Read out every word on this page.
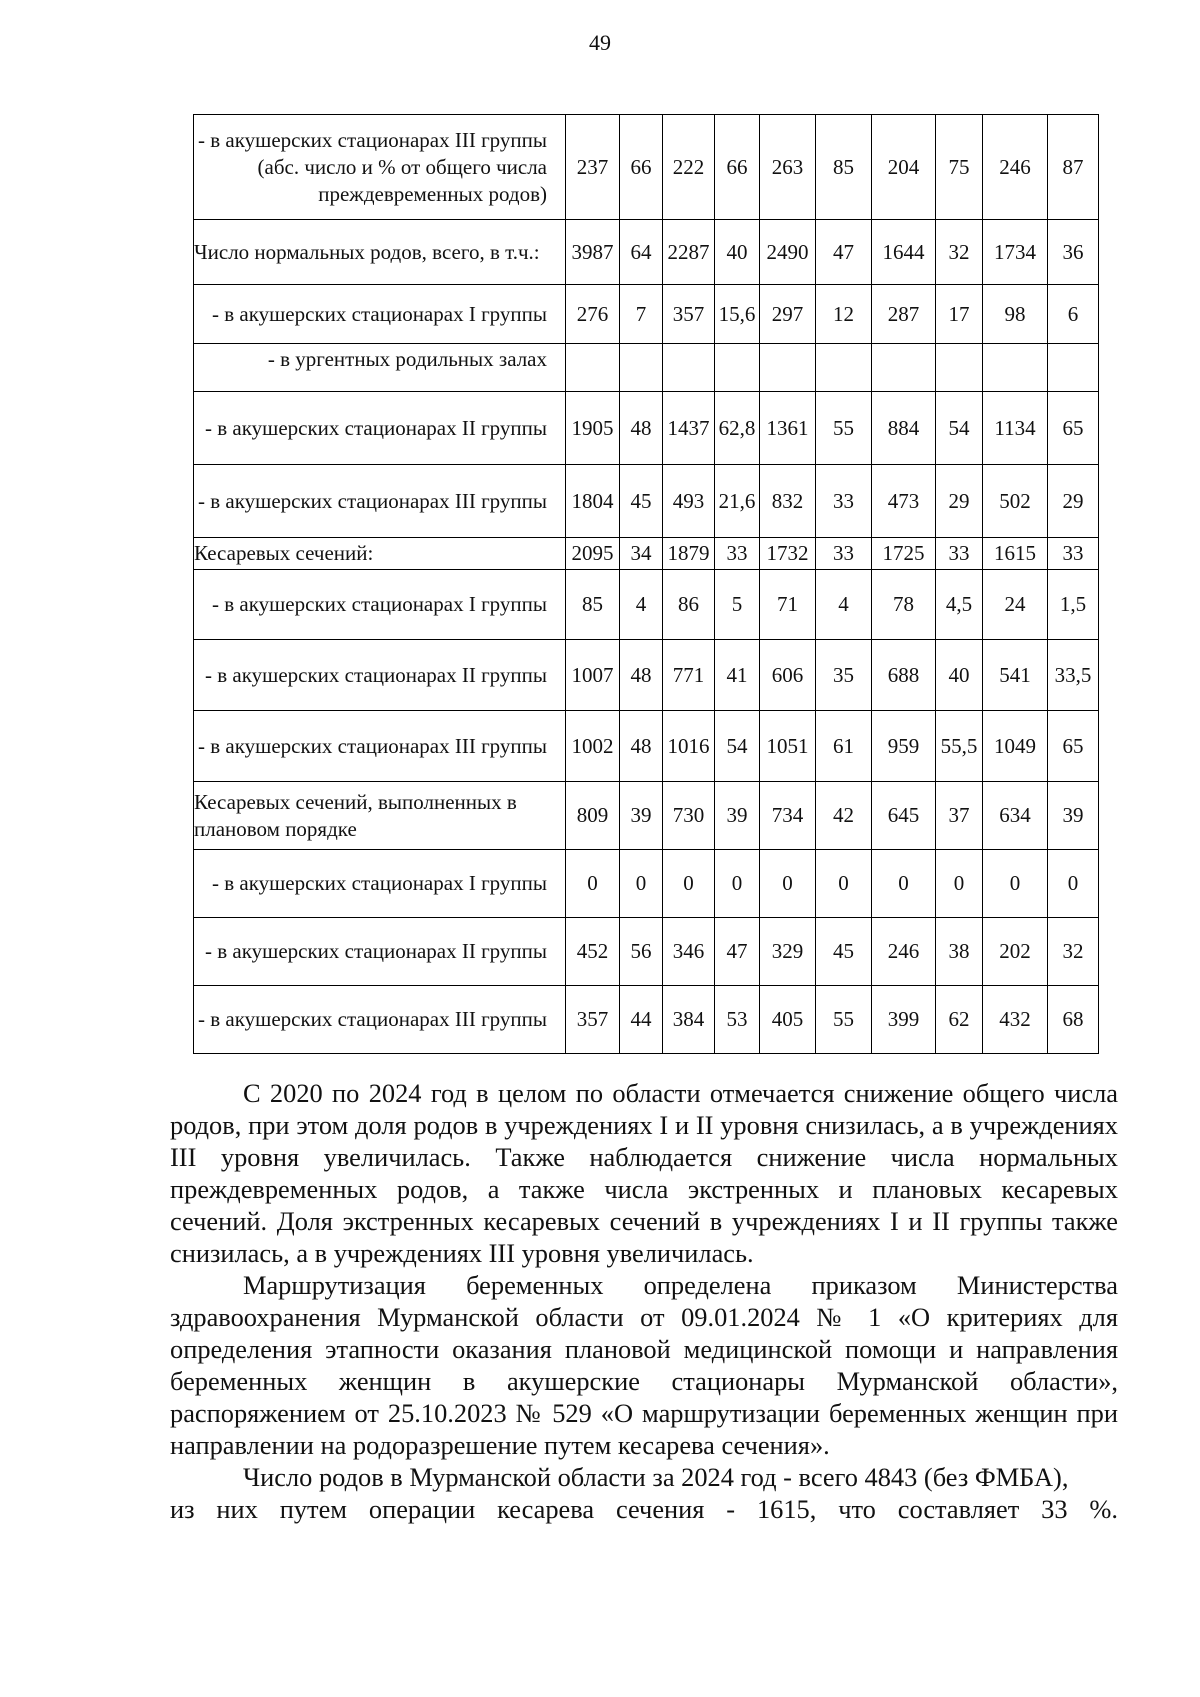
49
- в акушерских стационарах III группы (абс. число и % от общего числа преждевременных родов)	237	66	222	66	263	85	204	75	246	87

Число нормальных родов, всего, в т.ч.:	3987	64	2287	40	2490	47	1644	32	1734	36

- в акушерских стационарах I группы	276	7	357	15,6	297	12	287	17	98	6

- в ургентных родильных залах										

- в акушерских стационарах II группы	1905	48	1437	62,8	1361	55	884	54	1134	65

- в акушерских стационарах III группы	1804	45	493	21,6	832	33	473	29	502	29

Кесаревых сечений:	2095	34	1879	33	1732	33	1725	33	1615	33

- в акушерских стационарах I группы	85	4	86	5	71	4	78	4,5	24	1,5

- в акушерских стационарах II группы	1007	48	771	41	606	35	688	40	541	33,5

- в акушерских стационарах III группы	1002	48	1016	54	1051	61	959	55,5	1049	65

Кесаревых сечений, выполненных в плановом порядке	809	39	730	39	734	42	645	37	634	39

- в акушерских стационарах I группы	0	0	0	0	0	0	0	0	0	0

- в акушерских стационарах II группы	452	56	346	47	329	45	246	38	202	32

- в акушерских стационарах III группы	357	44	384	53	405	55	399	62	432	68

С 2020 по 2024 год в целом по области отмечается снижение общего числа родов, при этом доля родов в учреждениях I и II уровня снизилась, а в учреждениях III уровня увеличилась. Также наблюдается снижение числа нормальных преждевременных родов, а также числа экстренных и плановых кесаревых сечений. Доля экстренных кесаревых сечений в учреждениях I и II группы также снизилась, а в учреждениях III уровня увеличилась.

Маршрутизация беременных определена приказом Министерства здравоохранения Мурманской области от 09.01.2024 № 1 «О критериях для определения этапности оказания плановой медицинской помощи и направления беременных женщин в акушерские стационары Мурманской области», распоряжением от 25.10.2023 № 529 «О маршрутизации беременных женщин при направлении на родоразрешение путем кесарева сечения».

Число родов в Мурманской области за 2024 год - всего 4843 (без ФМБА),

из них путем операции кесарева сечения - 1615, что составляет 33 %.
